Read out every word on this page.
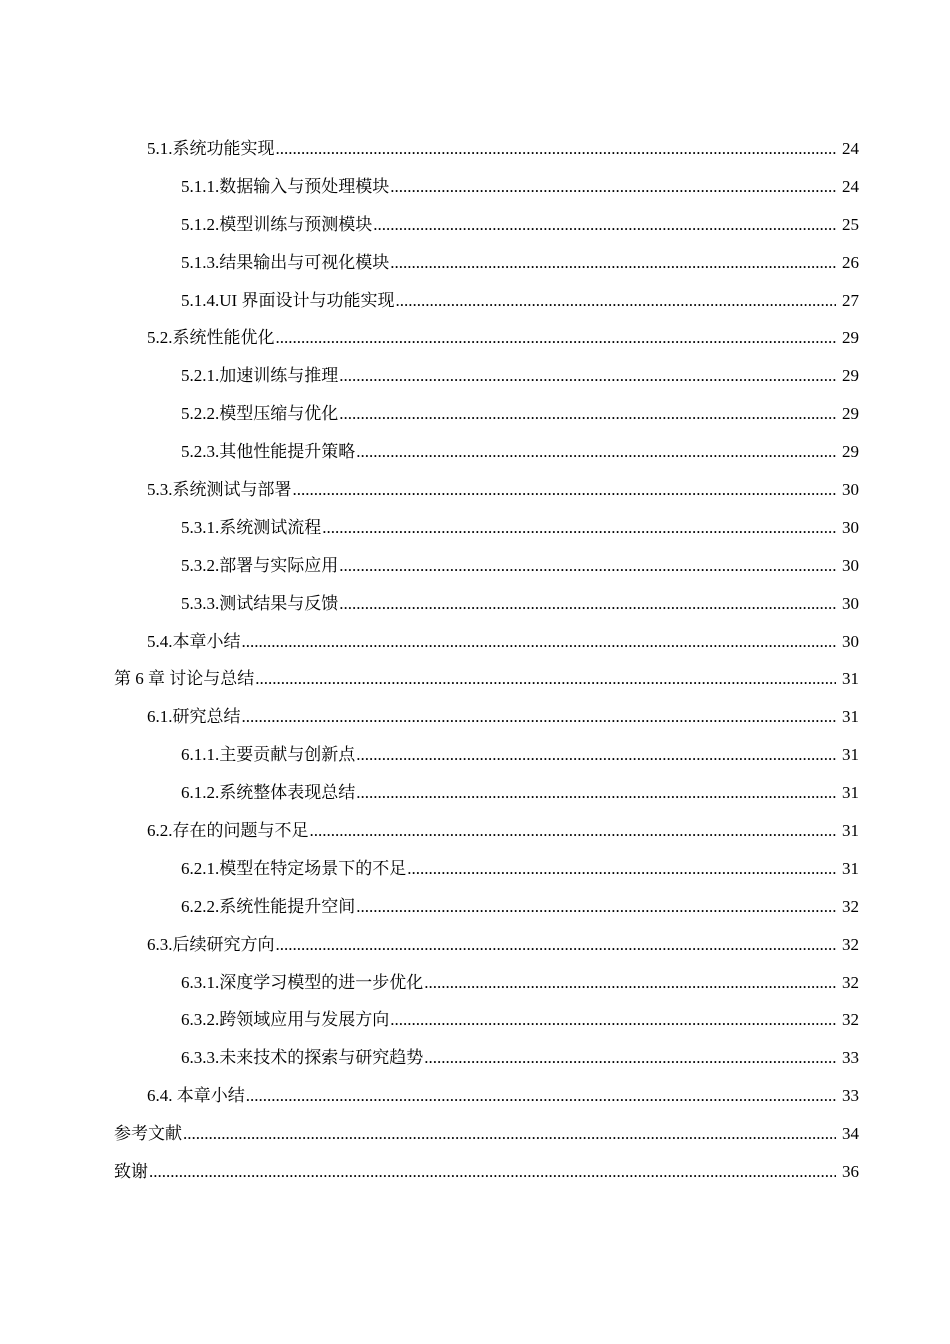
5.1.系统功能实现 .....	24
5.1.1.数据输入与预处理模块 .....	24
5.1.2.模型训练与预测模块 .....	25
5.1.3.结果输出与可视化模块 .....	26
5.1.4.UI 界面设计与功能实现 .....	27
5.2.系统性能优化 .....	29
5.2.1.加速训练与推理 .....	29
5.2.2.模型压缩与优化 .....	29
5.2.3.其他性能提升策略 .....	29
5.3.系统测试与部署 .....	30
5.3.1.系统测试流程 .....	30
5.3.2.部署与实际应用 .....	30
5.3.3.测试结果与反馈 .....	30
5.4.本章小结 .....	30
第 6 章 讨论与总结 .....	31
6.1.研究总结 .....	31
6.1.1.主要贡献与创新点 .....	31
6.1.2.系统整体表现总结 .....	31
6.2.存在的问题与不足 .....	31
6.2.1.模型在特定场景下的不足 .....	31
6.2.2.系统性能提升空间 .....	32
6.3.后续研究方向 .....	32
6.3.1.深度学习模型的进一步优化 .....	32
6.3.2.跨领域应用与发展方向 .....	32
6.3.3.未来技术的探索与研究趋势 .....	33
6.4. 本章小结 .....	33
参考文献 .....	34
致谢 .....	36
